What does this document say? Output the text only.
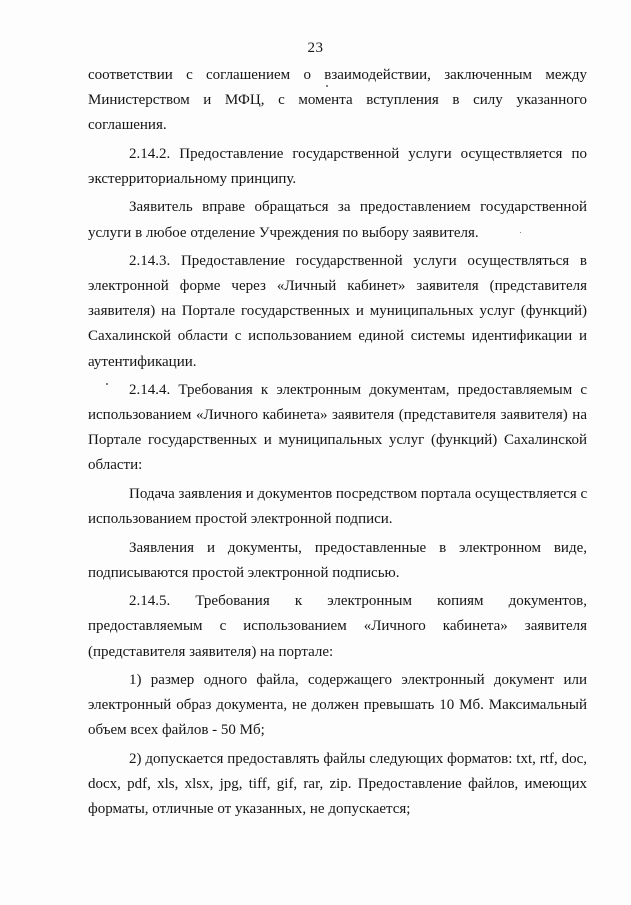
23
соответствии с соглашением о взаимодействии, заключенным между
Министерством и МФЦ, с момента вступления в силу указанного
соглашения.
2.14.2. Предоставление государственной услуги осуществляется по
экстерриториальному принципу.
Заявитель вправе обращаться за предоставлением государственной
услуги в любое отделение Учреждения по выбору заявителя.
2.14.3. Предоставление государственной услуги осуществляться в
электронной форме через «Личный кабинет» заявителя (представителя
заявителя) на Портале государственных и муниципальных услуг (функций)
Сахалинской области с использованием единой системы идентификации и
аутентификации.
2.14.4. Требования к электронным документам, предоставляемым с
использованием «Личного кабинета» заявителя (представителя заявителя) на
Портале государственных и муниципальных услуг (функций) Сахалинской
области:
Подача заявления и документов посредством портала осуществляется с
использованием простой электронной подписи.
Заявления и документы, предоставленные в электронном виде,
подписываются простой электронной подписью.
2.14.5. Требования к электронным копиям документов,
предоставляемым с использованием «Личного кабинета» заявителя
(представителя заявителя) на портале:
1) размер одного файла, содержащего электронный документ или
электронный образ документа, не должен превышать 10 Мб. Максимальный
объем всех файлов - 50 Мб;
2) допускается предоставлять файлы следующих форматов: txt, rtf, doc,
docx, pdf, xls, xlsx, jpg, tiff, gif, rar, zip. Предоставление файлов, имеющих
форматы, отличные от указанных, не допускается;
